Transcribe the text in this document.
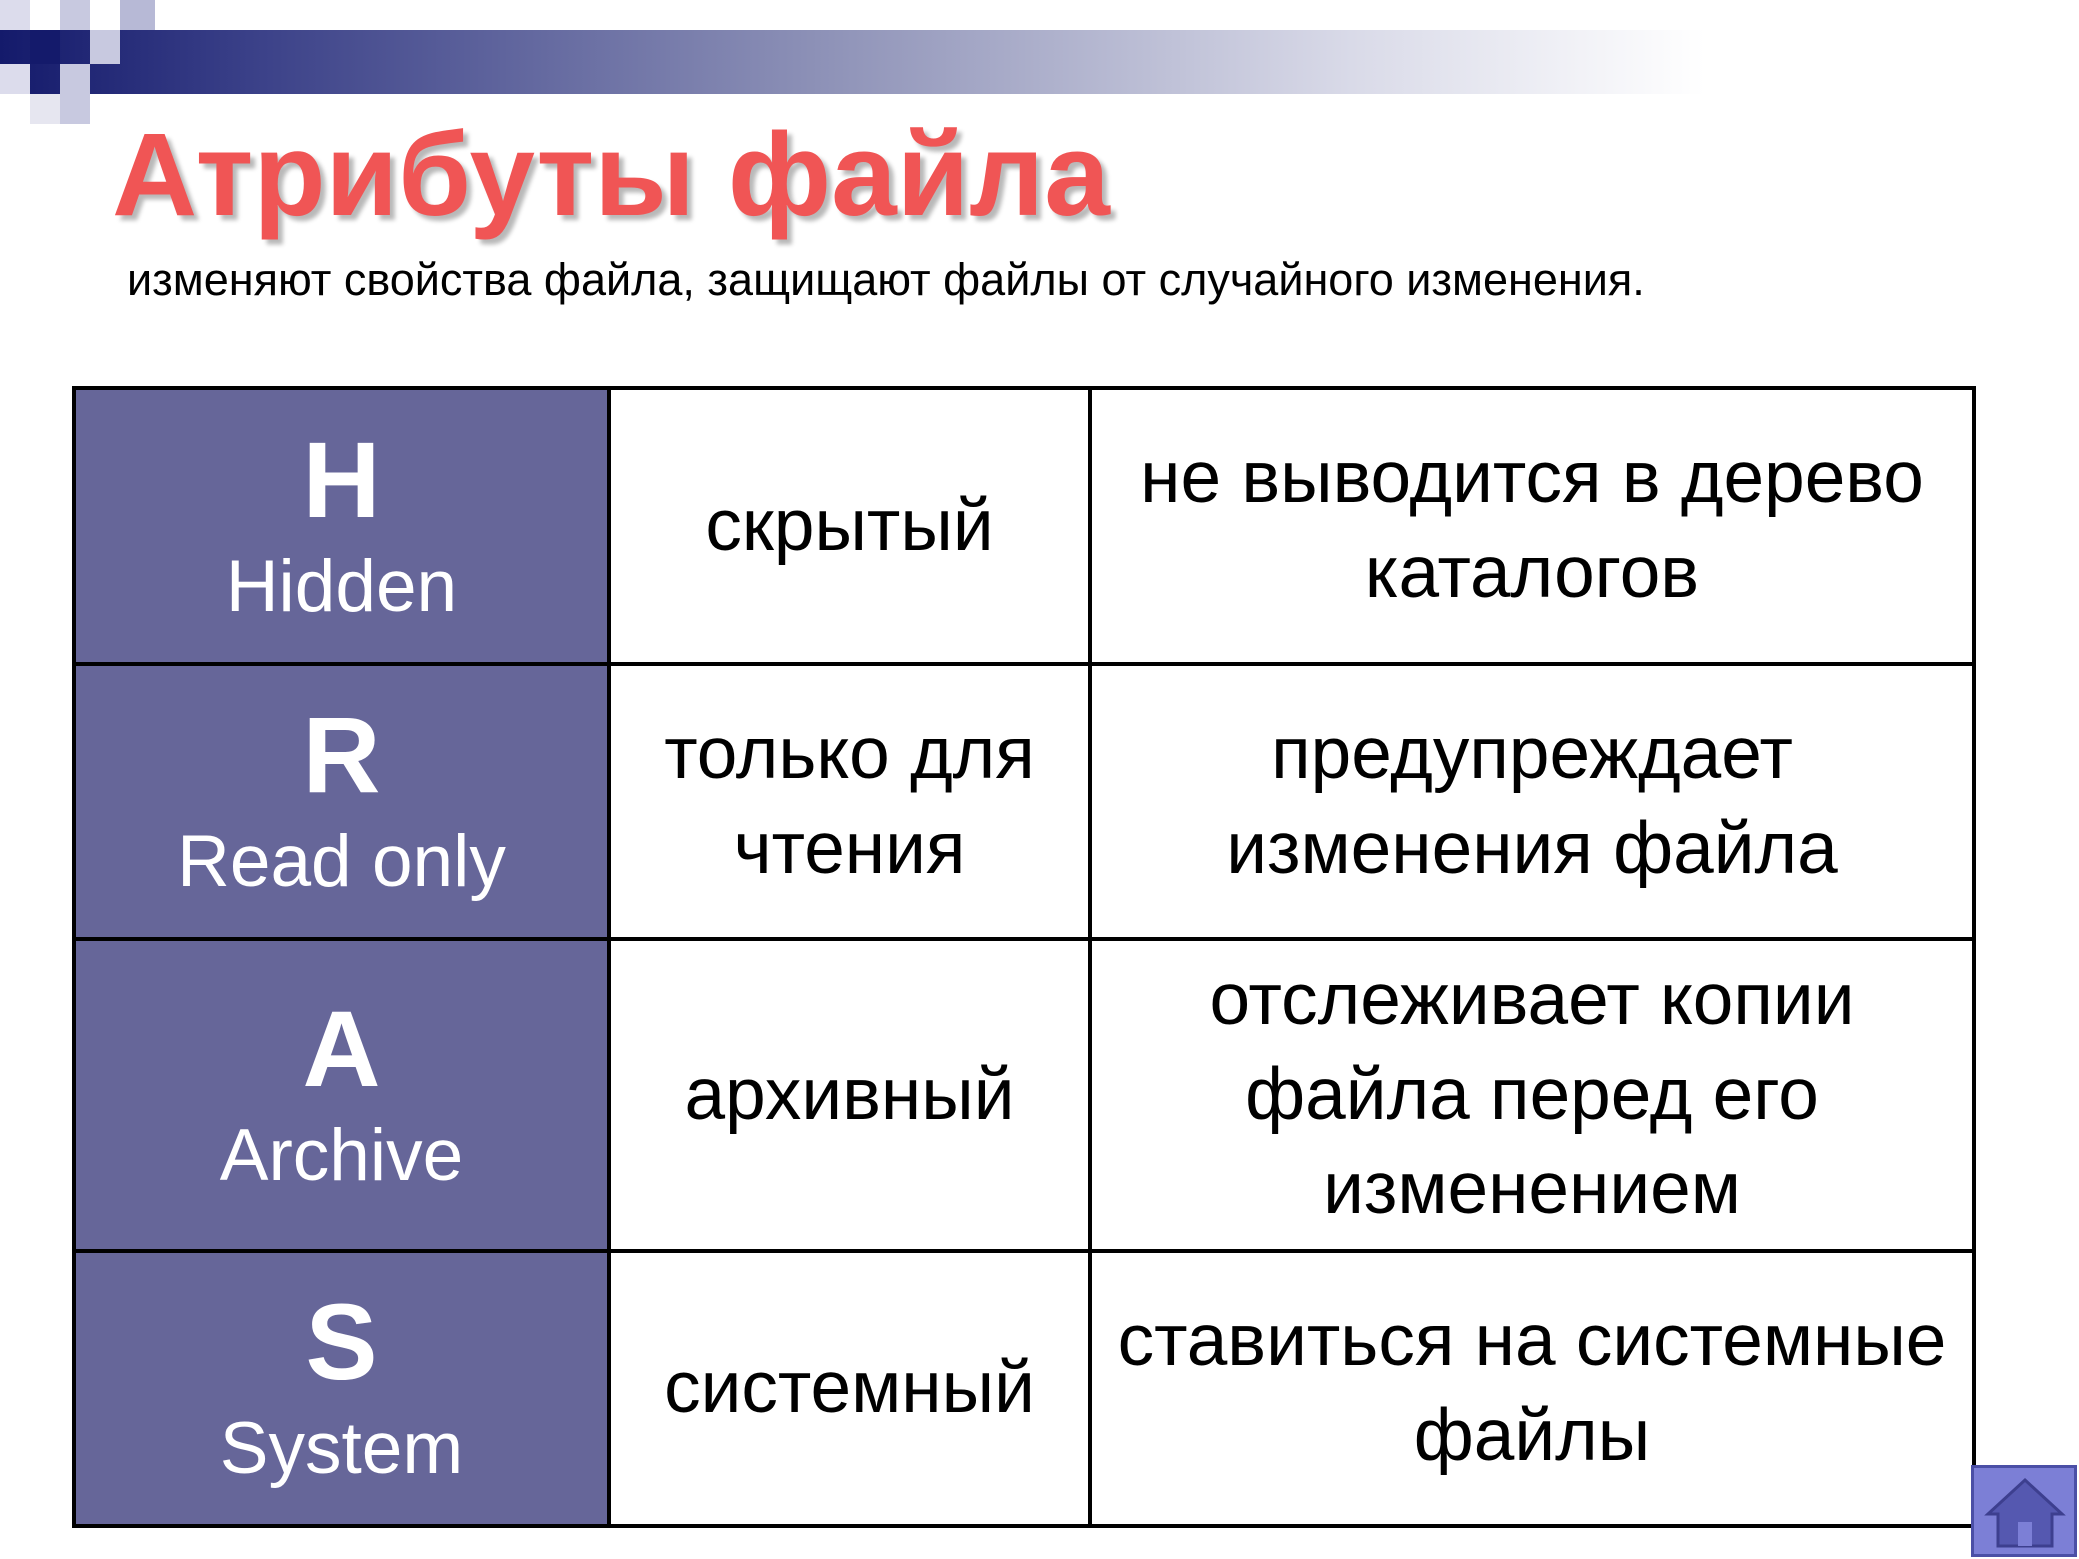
Атрибуты файла
изменяют свойства файла, защищают файлы от случайного изменения.
H
Hidden	скрытый	не выводится в дерево каталогов

R
Read only	только для чтения	предупреждает изменения файла

A
Archive	архивный	отслеживает копии файла перед его изменением

S
System	системный	ставиться на системные файлы
